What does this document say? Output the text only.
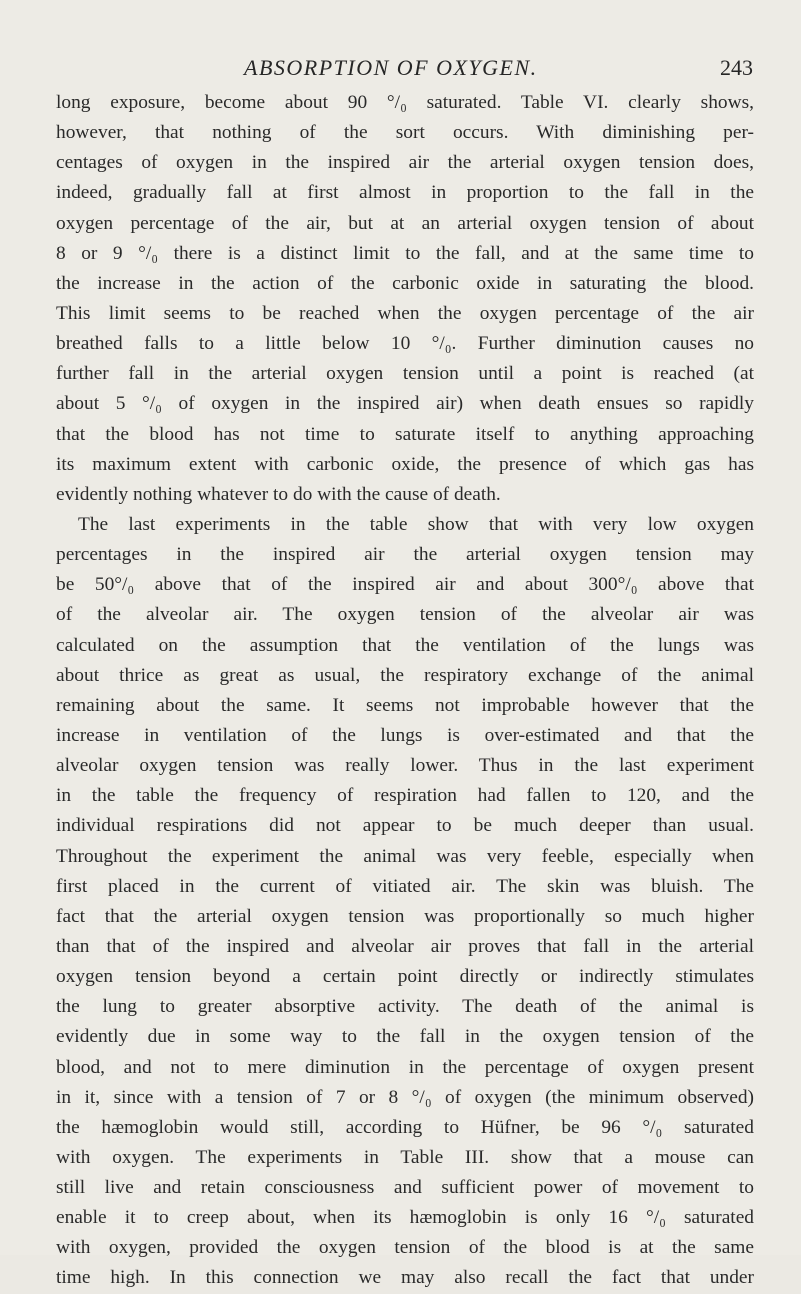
ABSORPTION OF OXYGEN.	243
long exposure, become about 90 °/₀ saturated. Table VI. clearly shows,
however, that nothing of the sort occurs. With diminishing per-
centages of oxygen in the inspired air the arterial oxygen tension does,
indeed, gradually fall at first almost in proportion to the fall in the
oxygen percentage of the air, but at an arterial oxygen tension of about
8 or 9 °/₀ there is a distinct limit to the fall, and at the same time to
the increase in the action of the carbonic oxide in saturating the blood.
This limit seems to be reached when the oxygen percentage of the air
breathed falls to a little below 10 °/₀. Further diminution causes no
further fall in the arterial oxygen tension until a point is reached (at
about 5 °/₀ of oxygen in the inspired air) when death ensues so rapidly
that the blood has not time to saturate itself to anything approaching
its maximum extent with carbonic oxide, the presence of which gas has
evidently nothing whatever to do with the cause of death.
The last experiments in the table show that with very low oxygen
percentages in the inspired air the arterial oxygen tension may
be 50°/₀ above that of the inspired air and about 300°/₀ above that
of the alveolar air. The oxygen tension of the alveolar air was
calculated on the assumption that the ventilation of the lungs was
about thrice as great as usual, the respiratory exchange of the animal
remaining about the same. It seems not improbable however that the
increase in ventilation of the lungs is over-estimated and that the
alveolar oxygen tension was really lower. Thus in the last experiment
in the table the frequency of respiration had fallen to 120, and the
individual respirations did not appear to be much deeper than usual.
Throughout the experiment the animal was very feeble, especially when
first placed in the current of vitiated air. The skin was bluish. The
fact that the arterial oxygen tension was proportionally so much higher
than that of the inspired and alveolar air proves that fall in the arterial
oxygen tension beyond a certain point directly or indirectly stimulates
the lung to greater absorptive activity. The death of the animal is
evidently due in some way to the fall in the oxygen tension of the
blood, and not to mere diminution in the percentage of oxygen present
in it, since with a tension of 7 or 8 °/₀ of oxygen (the minimum observed)
the hæmoglobin would still, according to Hüfner, be 96 °/₀ saturated
with oxygen. The experiments in Table III. show that a mouse can
still live and retain consciousness and sufficient power of movement to
enable it to creep about, when its hæmoglobin is only 16 °/₀ saturated
with oxygen, provided the oxygen tension of the blood is at the same
time high. In this connection we may also recall the fact that under
